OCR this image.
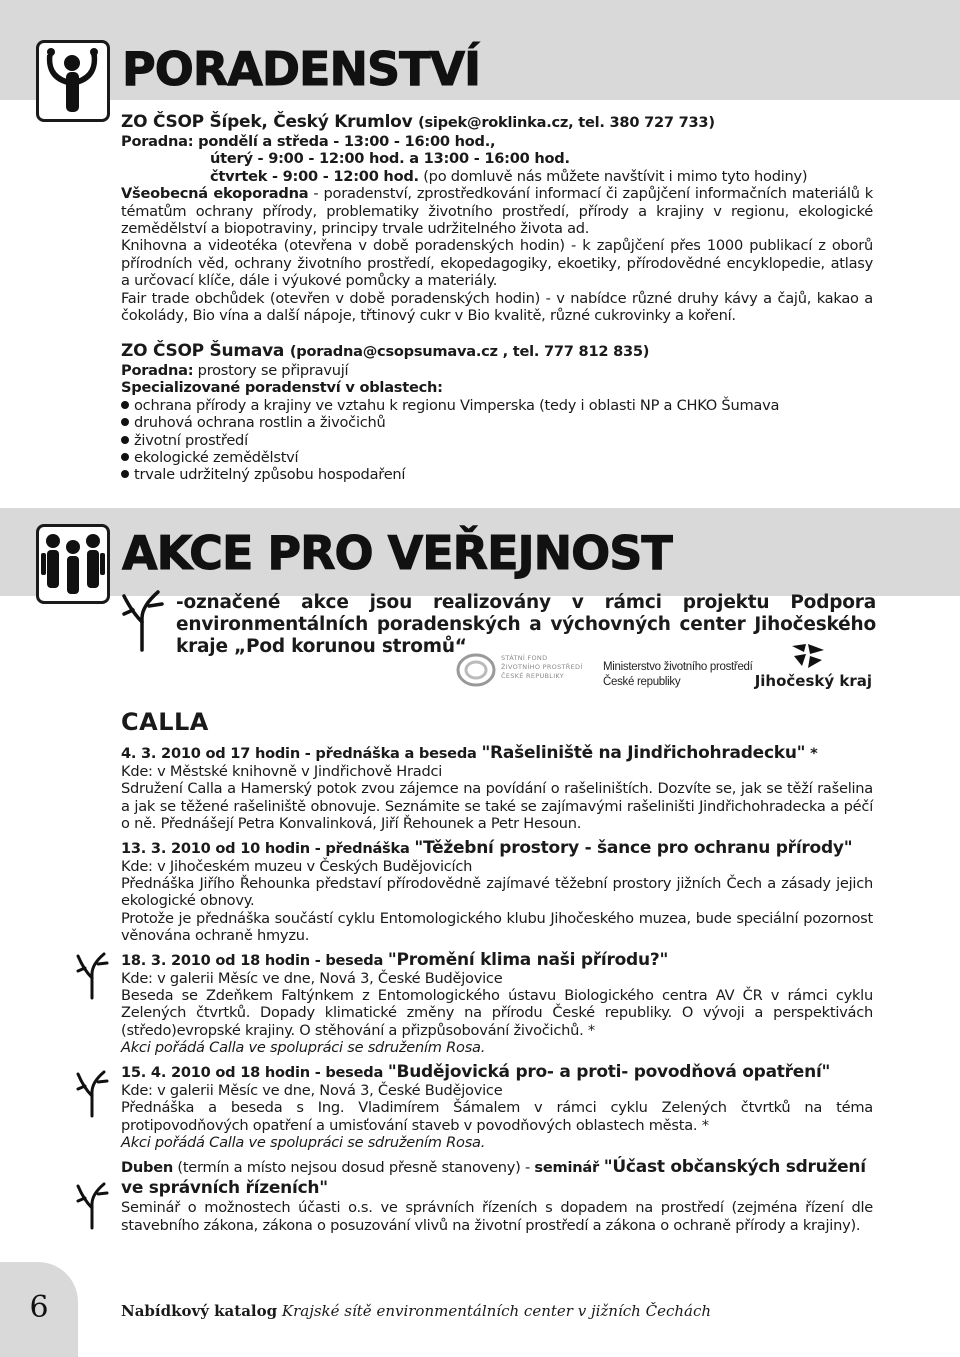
PORADENSTVÍ
ZO ČSOP Šípek, Český Krumlov (sipek@roklinka.cz, tel. 380 727 733)
Poradna: pondělí a středa - 13:00 - 16:00 hod.,
úterý - 9:00 - 12:00 hod. a 13:00 - 16:00 hod.
čtvrtek - 9:00 - 12:00 hod. (po domluvě nás můžete navštívit i mimo tyto hodiny)
Všeobecná ekoporadna - poradenství, zprostředkování informací či zapůjčení informačních materiálů k tématům ochrany přírody, problematiky životního prostředí, přírody a krajiny v regionu, ekologické zemědělství a biopotraviny, principy trvale udržitelného života ad.
Knihovna a videotéka (otevřena v době poradenských hodin) - k zapůjčení přes 1000 publikací z oborů přírodních věd, ochrany životního prostředí, ekopedagogiky, ekoetiky, přírodovědné encyklopedie, atlasy a určovací klíče, dále i výukové pomůcky a materiály.
Fair trade obchůdek (otevřen v době poradenských hodin) - v nabídce různé druhy kávy a čajů, kakao a čokolády, Bio vína a další nápoje, třtinový cukr v Bio kvalitě, různé cukrovinky a koření.
ZO ČSOP Šumava (poradna@csopsumava.cz , tel. 777 812 835)
Poradna: prostory se připravují
Specializované poradenství v oblastech:
ochrana přírody a krajiny ve vztahu k regionu Vimperska (tedy i oblasti NP a CHKO Šumava
druhová ochrana rostlin a živočichů
životní prostředí
ekologické zemědělství
trvale udržitelný způsobu hospodaření
AKCE PRO VEŘEJNOST
-označené akce jsou realizovány v rámci projektu Podpora environmentálních poradenských a výchovných center Jihočeského kraje „Pod korunou stromů“
STÁTNÍ FOND
ŽIVOTNÍHO PROSTŘEDÍ
ČESKÉ REPUBLIKY
Ministerstvo životního prostředí
České republiky	Jihočeský kraj
CALLA
4. 3. 2010 od 17 hodin - přednáška a beseda "Rašeliniště na Jindřichohradecku" *
Kde: v Městské knihovně v Jindřichově Hradci
Sdružení Calla a Hamerský potok zvou zájemce na povídání o rašeliništích. Dozvíte se, jak se těží rašelina a jak se těžené rašeliniště obnovuje. Seznámite se také se zajímavými rašeliništi Jindřichohradecka a péčí o ně. Přednášejí Petra Konvalinková, Jiří Řehounek a Petr Hesoun.
13. 3. 2010 od 10 hodin - přednáška "Těžební prostory - šance pro ochranu přírody"
Kde: v Jihočeském muzeu v Českých Budějovicích
Přednáška Jiřího Řehounka představí přírodovědně zajímavé těžební prostory jižních Čech a zásady jejich ekologické obnovy.
Protože je přednáška součástí cyklu Entomologického klubu Jihočeského muzea, bude speciální pozornost věnována ochraně hmyzu.
18. 3. 2010 od 18 hodin - beseda "Promění klima naši přírodu?"
Kde: v galerii Měsíc ve dne, Nová 3, České Budějovice
Beseda se Zdeňkem Faltýnkem z Entomologického ústavu Biologického centra AV ČR v rámci cyklu Zelených čtvrtků. Dopady klimatické změny na přírodu České republiky. O vývoji a perspektivách (středo)evropské krajiny. O stěhování a přizpůsobování živočichů. *
Akci pořádá Calla ve spolupráci se sdružením Rosa.
15. 4. 2010 od 18 hodin - beseda "Budějovická pro- a proti- povodňová opatření"
Kde: v galerii Měsíc ve dne, Nová 3, České Budějovice
Přednáška a beseda s Ing. Vladimírem Šámalem v rámci cyklu Zelených čtvrtků na téma protipovodňových opatření a umisťování staveb v povodňových oblastech města. *
Akci pořádá Calla ve spolupráci se sdružením Rosa.
Duben (termín a místo nejsou dosud přesně stanoveny) - seminář "Účast občanských sdružení ve správních řízeních"
Seminář o možnostech účasti o.s. ve správních řízeních s dopadem na prostředí (zejména řízení dle stavebního zákona, zákona o posuzování vlivů na životní prostředí a zákona o ochraně přírody a krajiny).
6	Nabídkový katalog Krajské sítě environmentálních center v jižních Čechách
